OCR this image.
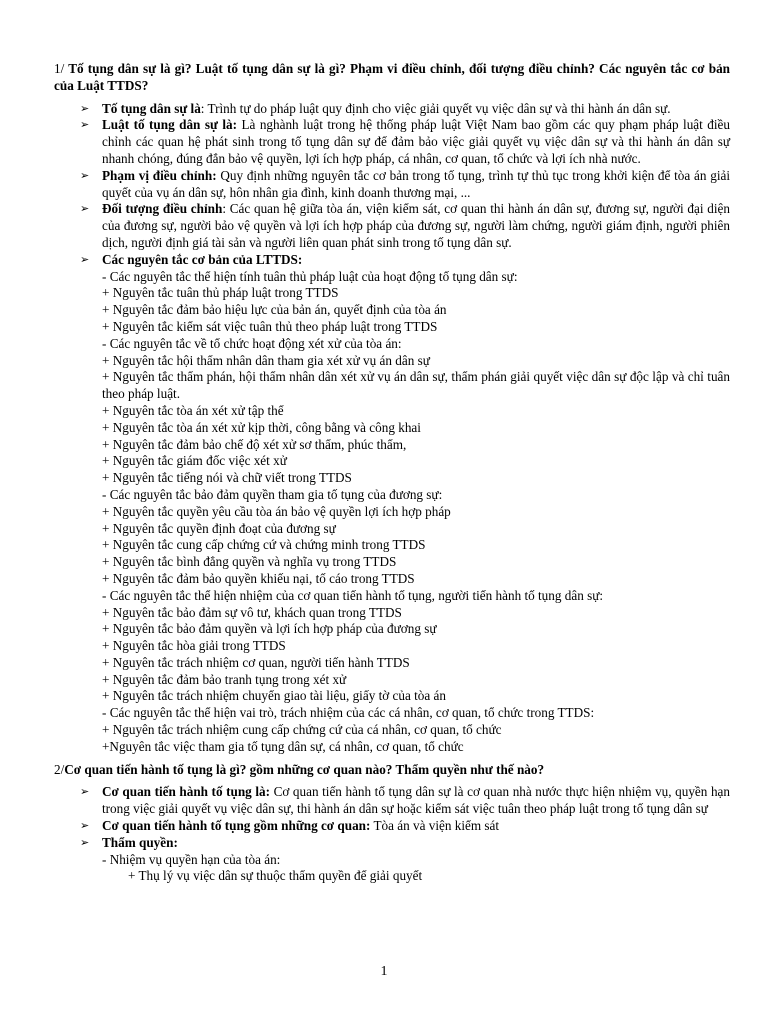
1/ Tố tụng dân sự là gì? Luật tố tụng dân sự là gì? Phạm vi điều chỉnh, đối tượng điều chỉnh? Các nguyên tắc cơ bản của Luật TTDS?

➢ Tố tụng dân sự là: Trình tự do pháp luật quy định cho việc giải quyết vụ việc dân sự và thi hành án dân sự.
➢ Luật tố tụng dân sự là: Là nghành luật trong hệ thống pháp luật Việt Nam bao gồm các quy phạm pháp luật điều chỉnh các quan hệ phát sinh trong tố tụng dân sự để đảm bảo việc giải quyết vụ việc dân sự và thi hành án dân sự nhanh chóng, đúng đắn bảo vệ quyền, lợi ích hợp pháp, cá nhân, cơ quan, tổ chức và lợi ích nhà nước.
➢ Phạm vị điều chỉnh: Quy định những nguyên tắc cơ bản trong tố tụng, trình tự thủ tục trong khởi kiện để tòa án giải quyết của vụ án dân sự, hôn nhân gia đình, kinh doanh thương mại, ...
➢ Đối tượng điều chỉnh: Các quan hệ giữa tòa án, viện kiểm sát, cơ quan thi hành án dân sự, đương sự, người đại diện của đương sự, người bảo vệ quyền và lợi ích hợp pháp của đương sự, người làm chứng, người giám định, người phiên dịch, người định giá tài sản và người liên quan phát sinh trong tố tụng dân sự.
➢ Các nguyên tắc cơ bản của LTTDS:
- Các nguyên tắc thể hiện tính tuân thủ pháp luật của hoạt động tố tụng dân sự:
+ Nguyên tắc tuân thủ pháp luật trong TTDS
+ Nguyên tắc đảm bảo hiệu lực của bản án, quyết định của tòa án
+ Nguyên tắc kiểm sát việc tuân thủ theo pháp luật trong TTDS
- Các nguyên tắc về tổ chức hoạt động xét xử của tòa án:
+ Nguyên tắc hội thẩm nhân dân tham gia xét xử vụ án dân sự
+ Nguyên tắc thẩm phán, hội thẩm nhân dân xét xử vụ án dân sự, thẩm phán giải quyết việc dân sự độc lập và chỉ tuân theo pháp luật.
+ Nguyên tắc tòa án xét xử tập thể
+ Nguyên tắc tòa án xét xử kịp thời, công bằng và công khai
+ Nguyên tắc đảm bảo chế độ xét xử sơ thẩm, phúc thẩm,
+ Nguyên tắc giám đốc việc xét xử
+ Nguyên tắc tiếng nói và chữ viết trong TTDS
- Các nguyên tắc bảo đảm quyền tham gia tố tụng của đương sự:
+ Nguyên tắc quyền yêu cầu tòa án bảo vệ quyền lợi ích hợp pháp
+ Nguyên tắc quyền định đoạt của đương sự
+ Nguyên tắc cung cấp chứng cứ và chứng minh trong TTDS
+ Nguyên tắc bình đẳng quyền và nghĩa vụ trong TTDS
+ Nguyên tắc đảm bảo quyền khiếu nại, tố cáo trong TTDS
- Các nguyên tắc thể hiện nhiệm của cơ quan tiến hành tố tụng, người tiến hành tố tụng dân sự:
+ Nguyên tắc bảo đảm sự vô tư, khách quan trong TTDS
+ Nguyên tắc bảo đảm quyền và lợi ích hợp pháp của đương sự
+ Nguyên tắc hòa giải trong TTDS
+ Nguyên tắc trách nhiệm cơ quan, người tiến hành TTDS
+ Nguyên tắc đảm bảo tranh tụng trong xét xử
+ Nguyên tắc trách nhiệm chuyển giao tài liệu, giấy tờ của tòa án
- Các nguyên tắc thể hiện vai trò, trách nhiệm của các cá nhân, cơ quan, tổ chức trong TTDS:
+ Nguyên tắc trách nhiệm cung cấp chứng cứ của cá nhân, cơ quan, tổ chức
+Nguyên tắc việc tham gia tố tụng dân sự, cá nhân, cơ quan, tổ chức

2/Cơ quan tiến hành tố tụng là gì? gồm những cơ quan nào? Thẩm quyền như thế nào?

➢ Cơ quan tiến hành tố tụng là: Cơ quan tiến hành tố tụng dân sự là cơ quan nhà nước thực hiện nhiệm vụ, quyền hạn trong việc giải quyết vụ việc dân sự, thi hành án dân sự hoặc kiểm sát việc tuân theo pháp luật trong tố tụng dân sự
➢ Cơ quan tiến hành tố tụng gồm những cơ quan: Tòa án và viện kiểm sát
➢ Thẩm quyền:
- Nhiệm vụ quyền hạn của tòa án:
+ Thụ lý vụ việc dân sự thuộc thẩm quyền để giải quyết
1
